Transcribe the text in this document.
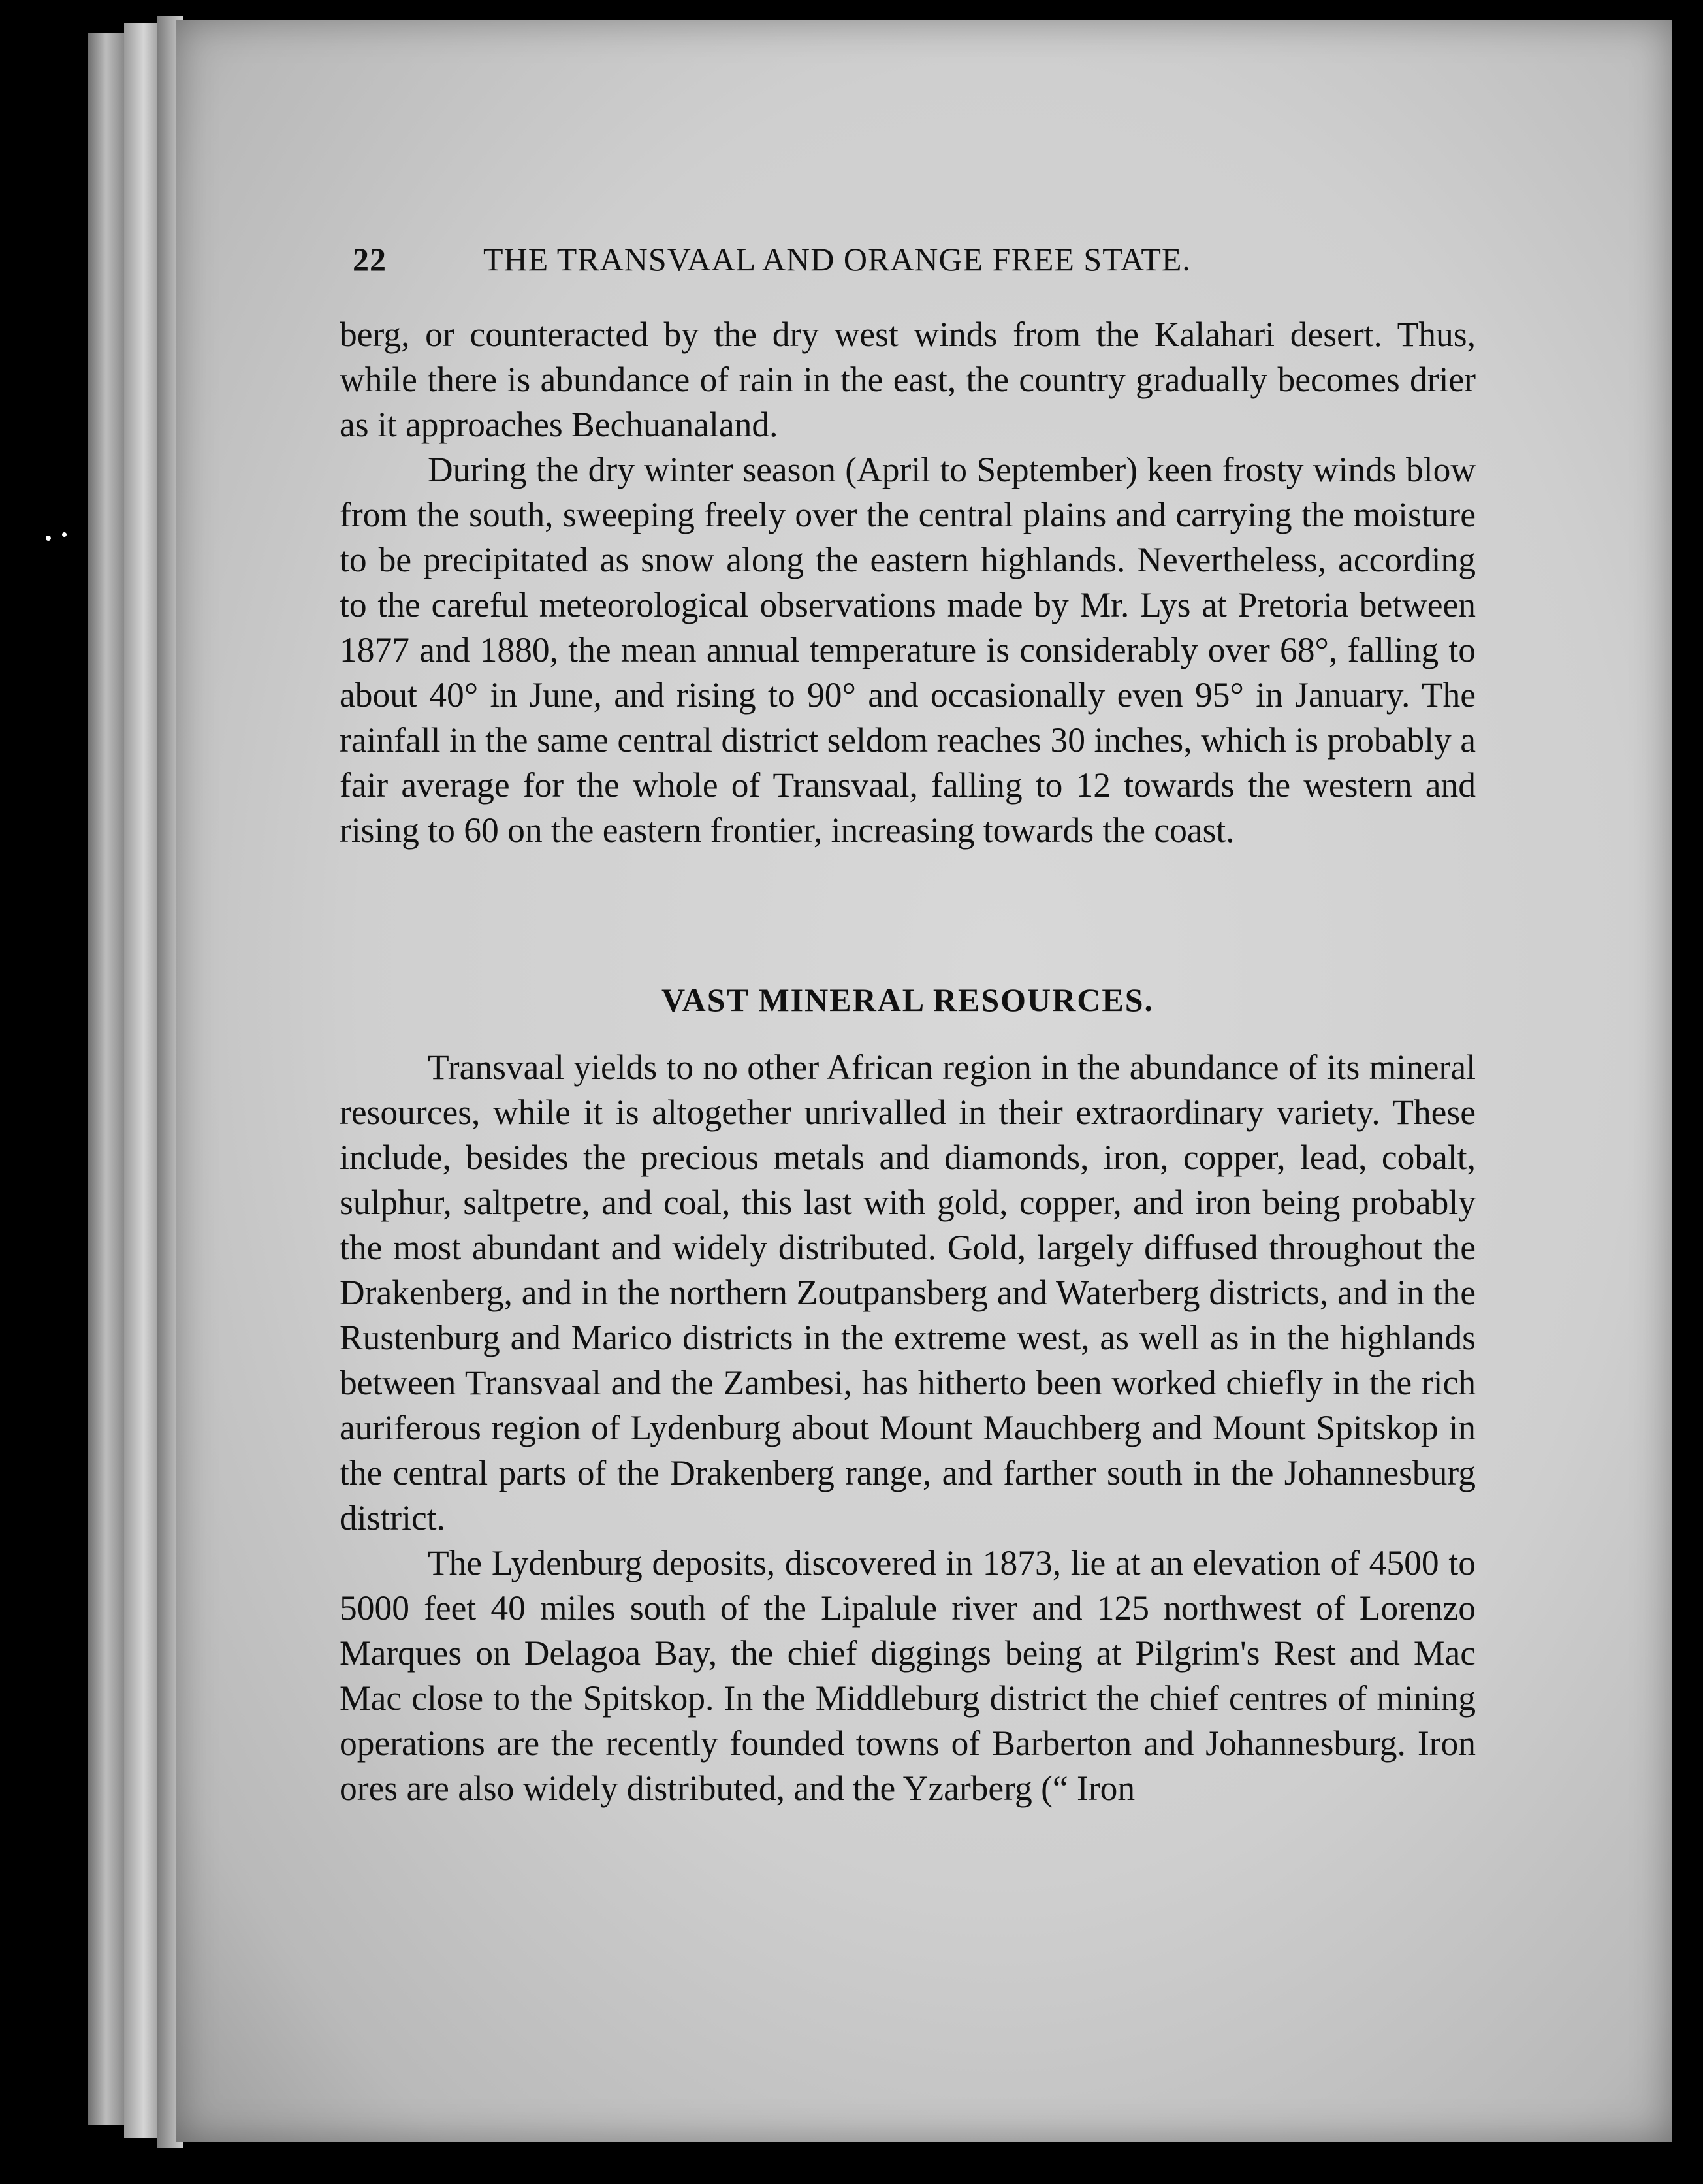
22	THE TRANSVAAL AND ORANGE FREE STATE.

berg, or counteracted by the dry west winds from the Kalahari desert. Thus, while there is abundance of rain in the east, the country gradually becomes drier as it approaches Bechuanaland.

During the dry winter season (April to September) keen frosty winds blow from the south, sweeping freely over the central plains and carrying the moisture to be precipitated as snow along the eastern highlands. Nevertheless, according to the careful meteorological observations made by Mr. Lys at Pretoria between 1877 and 1880, the mean annual temperature is considerably over 68°, falling to about 40° in June, and rising to 90° and occasionally even 95° in January. The rainfall in the same central district seldom reaches 30 inches, which is probably a fair average for the whole of Transvaal, falling to 12 towards the western and rising to 60 on the eastern frontier, increasing towards the coast.

VAST MINERAL RESOURCES.

Transvaal yields to no other African region in the abundance of its mineral resources, while it is altogether unrivalled in their extraordinary variety. These include, besides the precious metals and diamonds, iron, copper, lead, cobalt, sulphur, saltpetre, and coal, this last with gold, copper, and iron being probably the most abundant and widely distributed. Gold, largely diffused throughout the Drakenberg, and in the northern Zoutpansberg and Waterberg districts, and in the Rustenburg and Marico districts in the extreme west, as well as in the highlands between Transvaal and the Zambesi, has hitherto been worked chiefly in the rich auriferous region of Lydenburg about Mount Mauchberg and Mount Spitskop in the central parts of the Drakenberg range, and farther south in the Johannesburg district.

The Lydenburg deposits, discovered in 1873, lie at an elevation of 4500 to 5000 feet 40 miles south of the Lipalule river and 125 northwest of Lorenzo Marques on Delagoa Bay, the chief diggings being at Pilgrim's Rest and Mac Mac close to the Spitskop. In the Middleburg district the chief centres of mining operations are the recently founded towns of Barberton and Johannesburg. Iron ores are also widely distributed, and the Yzarberg (“ Iron
